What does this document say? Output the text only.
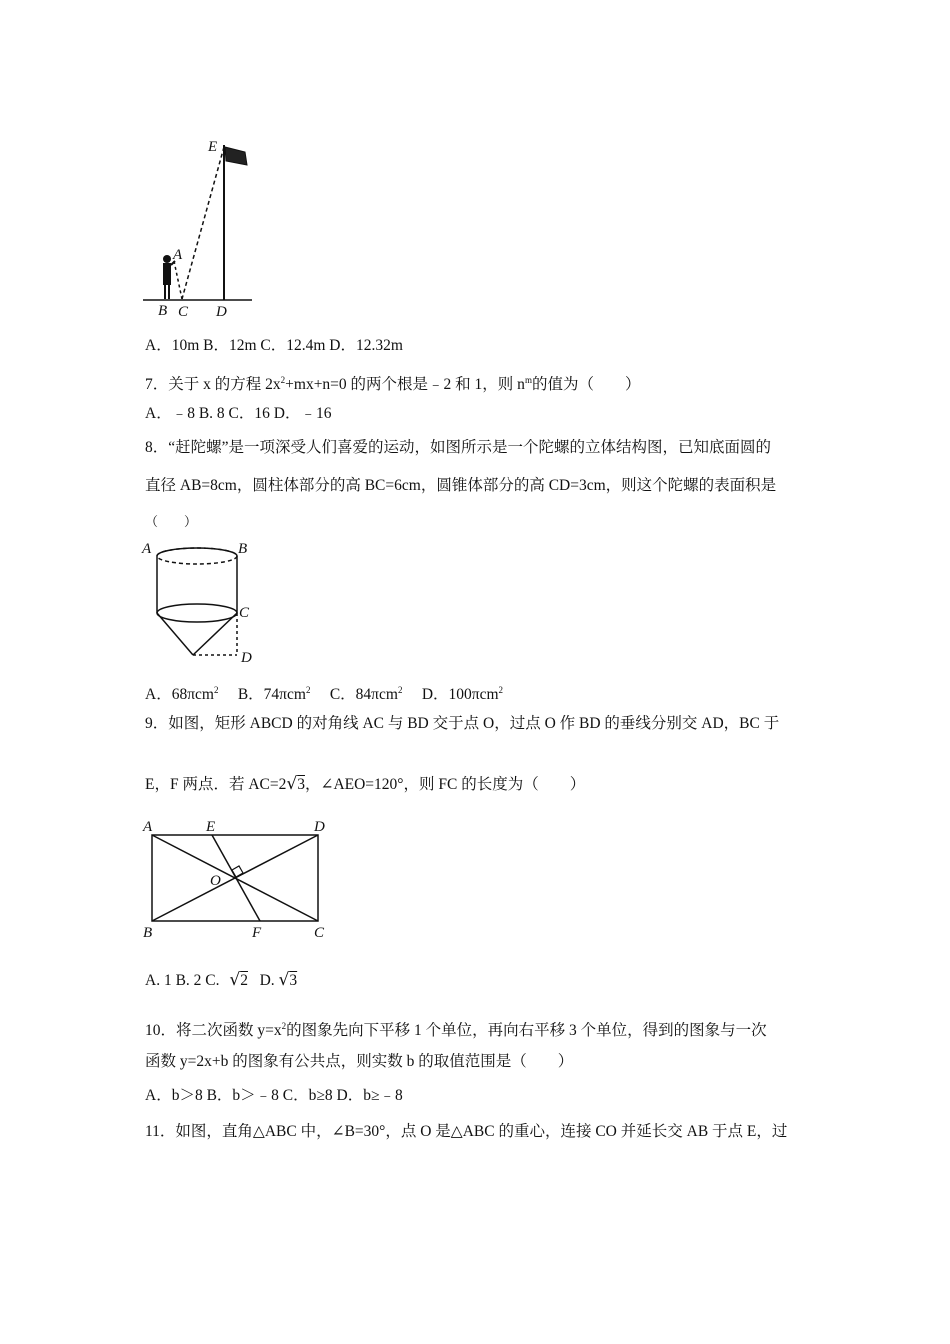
E
A
B C D
A．10m B．12m C．12.4m D．12.32m
7．关于 x 的方程 $2x^2+mx+n=0$ 的两个根是﹣2 和 1，则 $n^m$的值为（　　）
A．﹣8 B. 8 C．16 D．﹣16
8．“赶陀螺”是一项深受人们喜爱的运动，如图所示是一个陀螺的立体结构图，已知底面圆的
直径 AB=8cm，圆柱体部分的高 BC=6cm，圆锥体部分的高 CD=3cm，则这个陀螺的表面积是
（　　）
A	B
C
D
A．68πcm$^2$ B．74πcm$^2$ C．84πcm$^2$ D．100πcm$^2$
9．如图，矩形 ABCD 的对角线 AC 与 BD 交于点 O，过点 O 作 BD 的垂线分别交 AD，BC 于
E，F 两点．若 AC=2√3，∠AEO=120°，则 FC 的长度为（　　）
A	E	D
O
B	F	C
A. 1 B. 2 C. √2 D. √3
10．将二次函数 $y=x^2$的图象先向下平移 1 个单位，再向右平移 3 个单位，得到的图象与一次
函数 y=2x+b 的图象有公共点，则实数 b 的取值范围是（　　）
A．b＞8 B．b＞﹣8 C．b≥8 D．b≥﹣8
11．如图，直角△ABC 中，∠B=30°，点 O 是△ABC 的重心，连接 CO 并延长交 AB 于点 E，过
